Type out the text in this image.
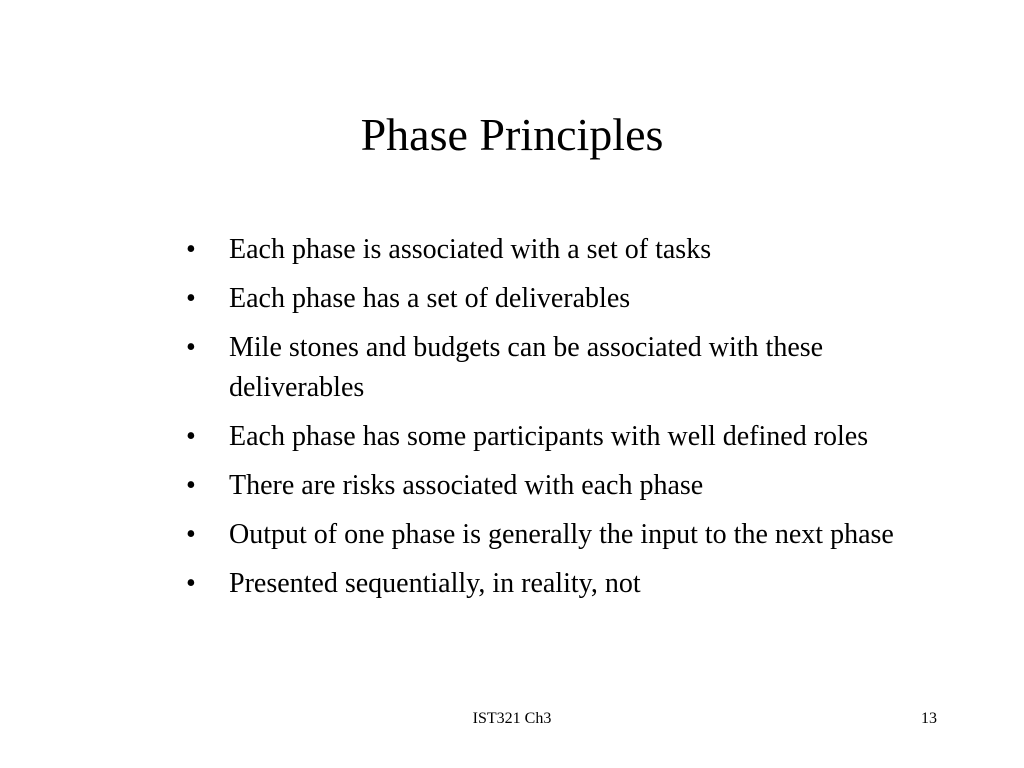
Phase Principles
•	Each phase is associated with a set of tasks
•	Each phase has a set of deliverables
•	Mile stones and budgets can be associated with these deliverables
•	Each phase has some participants with well defined roles
•	There are risks associated with each phase
•	Output of one phase is generally the input to the next phase
•	Presented sequentially, in reality, not
IST321 Ch3	13
